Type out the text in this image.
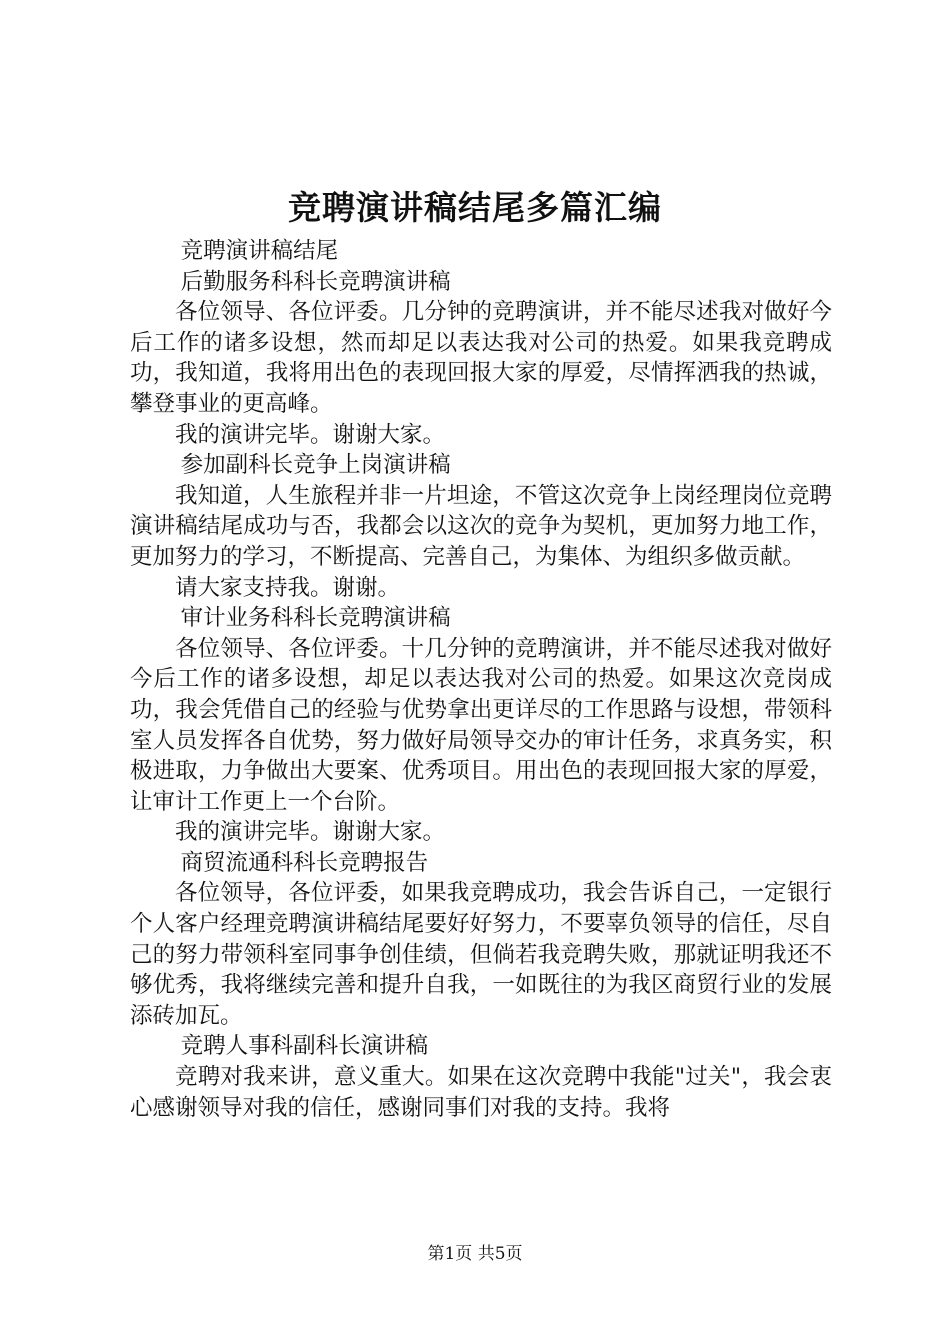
竞聘演讲稿结尾多篇汇编

竞聘演讲稿结尾

后勤服务科科长竞聘演讲稿

各位领导、各位评委。几分钟的竞聘演讲，并不能尽述我对做好今后工作的诸多设想，然而却足以表达我对公司的热爱。如果我竞聘成功，我知道，我将用出色的表现回报大家的厚爱，尽情挥洒我的热诚，攀登事业的更高峰。

我的演讲完毕。谢谢大家。

参加副科长竞争上岗演讲稿

我知道，人生旅程并非一片坦途，不管这次竞争上岗经理岗位竞聘演讲稿结尾成功与否，我都会以这次的竞争为契机，更加努力地工作，更加努力的学习，不断提高、完善自己，为集体、为组织多做贡献。

请大家支持我。谢谢。

审计业务科科长竞聘演讲稿

各位领导、各位评委。十几分钟的竞聘演讲，并不能尽述我对做好今后工作的诸多设想，却足以表达我对公司的热爱。如果这次竞岗成功，我会凭借自己的经验与优势拿出更详尽的工作思路与设想，带领科室人员发挥各自优势，努力做好局领导交办的审计任务，求真务实，积极进取，力争做出大要案、优秀项目。用出色的表现回报大家的厚爱，让审计工作更上一个台阶。

我的演讲完毕。谢谢大家。

商贸流通科科长竞聘报告

各位领导，各位评委，如果我竞聘成功，我会告诉自己，一定银行个人客户经理竞聘演讲稿结尾要好好努力，不要辜负领导的信任，尽自己的努力带领科室同事争创佳绩，但倘若我竞聘失败，那就证明我还不够优秀，我将继续完善和提升自我，一如既往的为我区商贸行业的发展添砖加瓦。

竞聘人事科副科长演讲稿

竞聘对我来讲，意义重大。如果在这次竞聘中我能"过关"，我会衷心感谢领导对我的信任，感谢同事们对我的支持。我将

第1页 共5页
